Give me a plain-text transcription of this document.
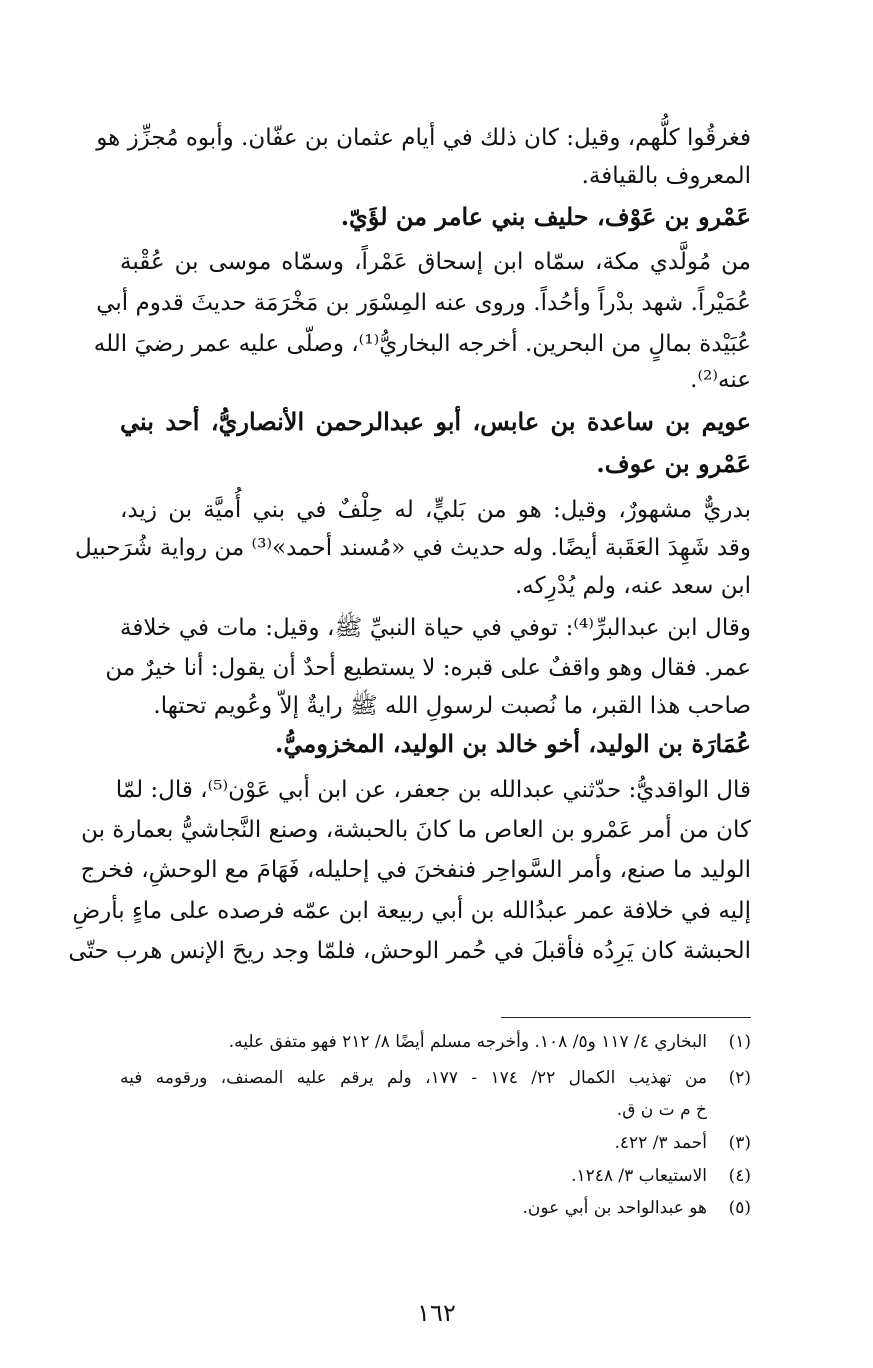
فغرقُوا كلُّهم، وقيل: كان ذلك في أيام عثمان بن عفّان. وأبوه مُجزِّز هو
المعروف بالقيافة.
عَمْرو بن عَوْف، حليف بني عامر من لؤَيّ.
من مُولَّدي مكة، سمّاه ابن إسحاق عَمْراً، وسمّاه موسى بن عُقْبة
عُمَيْراً. شهد بدْراً وأحُداً. وروى عنه المِسْوَر بن مَخْرَمَة حديثَ قدوم أبي
عُبَيْدة بمالٍ من البحرين. أخرجه البخاريُّ⁽¹⁾، وصلّى عليه عمر رضيَ الله
عنه⁽²⁾.
عويم بن ساعدة بن عابس، أبو عبدالرحمن الأنصاريُّ، أحد بني
عَمْرو بن عوف.
بدريٌّ مشهورٌ، وقيل: هو من بَليٍّ، له حِلْفٌ في بني أُميَّة بن زيد،
وقد شَهِدَ العَقَبة أيضًا. وله حديث في «مُسند أحمد»⁽³⁾ من رواية شُرَحبيل
ابن سعد عنه، ولم يُدْرِكه.
وقال ابن عبدالبرِّ⁽⁴⁾: توفي في حياة النبيِّ ﷺ، وقيل: مات في خلافة
عمر. فقال وهو واقفٌ على قبره: لا يستطيع أحدٌ أن يقول: أنا خيرٌ من
صاحب هذا القبر، ما نُصبت لرسولِ الله ﷺ رايةٌ إلاّ وعُويم تحتها.
عُمَارَة بن الوليد، أخو خالد بن الوليد، المخزوميُّ.
قال الواقديُّ: حدّثني عبدالله بن جعفر، عن ابن أبي عَوْن⁽⁵⁾، قال: لمّا
كان من أمر عَمْرو بن العاص ما كانَ بالحبشة، وصنع النَّجاشيُّ بعمارة بن
الوليد ما صنع، وأمر السَّواحِر فنفخنَ في إحليله، فَهَامَ مع الوحشِ، فخرج
إليه في خلافة عمر عبدُالله بن أبي ربيعة ابن عمّه فرصده على ماءٍ بأرضِ
الحبشة كان يَرِدُه فأقبلَ في حُمر الوحش، فلمّا وجد ريحَ الإنس هرب حتّى
(١)
البخاري ٤/ ١١٧ و٥/ ١٠٨. وأخرجه مسلم أيضًا ٨/ ٢١٢ فهو متفق عليه.
(٢)
من تهذيب الكمال ٢٢/ ١٧٤ - ١٧٧، ولم يرقم عليه المصنف، ورقومه فيه
خ م ت ن ق.
(٣)
أحمد ٣/ ٤٢٢.
(٤)
الاستيعاب ٣/ ١٢٤٨.
(٥)
هو عبدالواحد بن أبي عون.
١٦٢
